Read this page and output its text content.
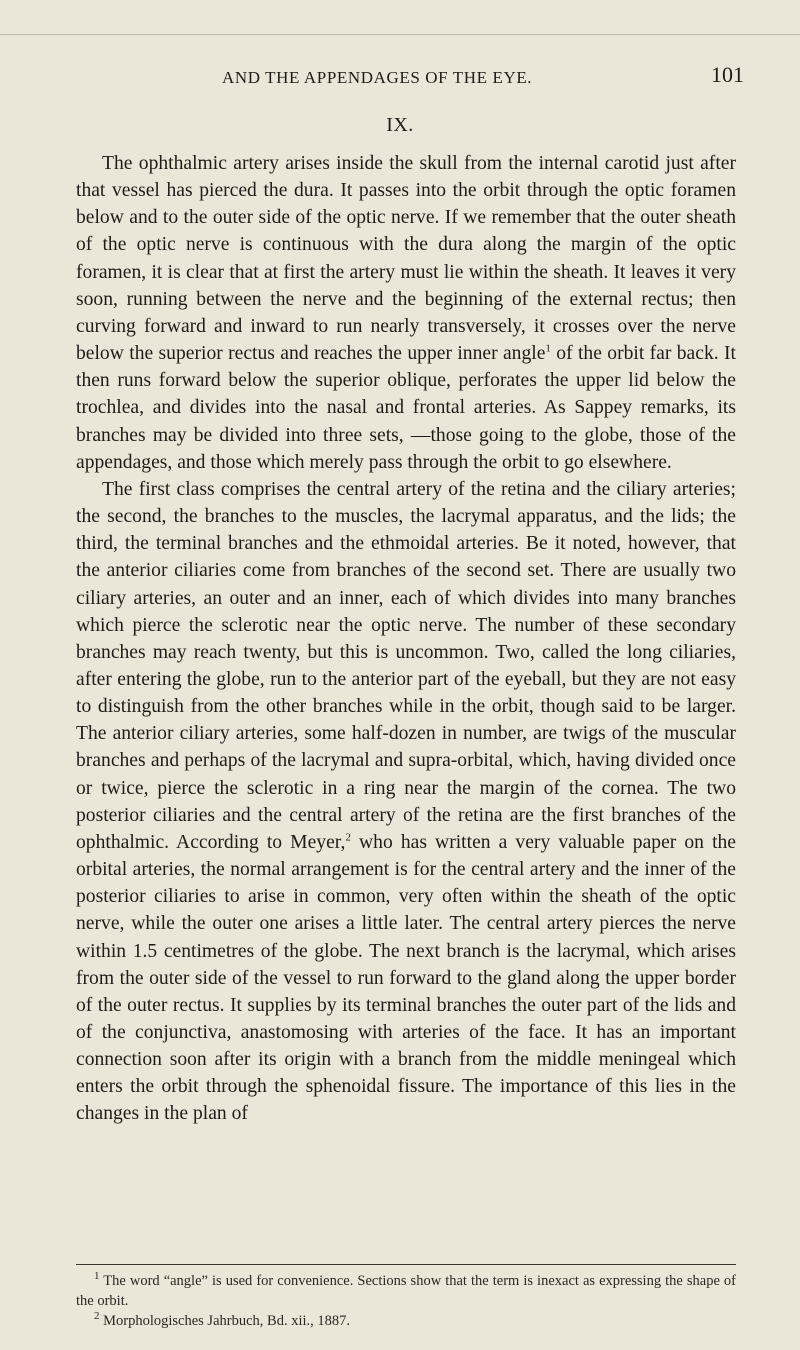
AND THE APPENDAGES OF THE EYE.	101
IX.

The ophthalmic artery arises inside the skull from the internal carotid just after that vessel has pierced the dura. It passes into the orbit through the optic foramen below and to the outer side of the optic nerve. If we remember that the outer sheath of the optic nerve is continuous with the dura along the margin of the optic foramen, it is clear that at first the artery must lie within the sheath. It leaves it very soon, running between the nerve and the beginning of the external rectus; then curving forward and inward to run nearly transversely, it crosses over the nerve below the superior rectus and reaches the upper inner angle$^1$ of the orbit far back. It then runs forward below the superior oblique, perforates the upper lid below the trochlea, and divides into the nasal and frontal arteries. As Sappey remarks, its branches may be divided into three sets, —those going to the globe, those of the appendages, and those which merely pass through the orbit to go elsewhere.

The first class comprises the central artery of the retina and the ciliary arteries; the second, the branches to the muscles, the lacrymal apparatus, and the lids; the third, the terminal branches and the ethmoidal arteries. Be it noted, however, that the anterior ciliaries come from branches of the second set. There are usually two ciliary arteries, an outer and an inner, each of which divides into many branches which pierce the sclerotic near the optic nerve. The number of these secondary branches may reach twenty, but this is uncommon. Two, called the long ciliaries, after entering the globe, run to the anterior part of the eyeball, but they are not easy to distinguish from the other branches while in the orbit, though said to be larger. The anterior ciliary arteries, some half-dozen in number, are twigs of the muscular branches and perhaps of the lacrymal and supra-orbital, which, having divided once or twice, pierce the sclerotic in a ring near the margin of the cornea. The two posterior ciliaries and the central artery of the retina are the first branches of the ophthalmic. According to Meyer,$^2$ who has written a very valuable paper on the orbital arteries, the normal arrangement is for the central artery and the inner of the posterior ciliaries to arise in common, very often within the sheath of the optic nerve, while the outer one arises a little later. The central artery pierces the nerve within 1.5 centimetres of the globe. The next branch is the lacrymal, which arises from the outer side of the vessel to run forward to the gland along the upper border of the outer rectus. It supplies by its terminal branches the outer part of the lids and of the conjunctiva, anastomosing with arteries of the face. It has an important connection soon after its origin with a branch from the middle meningeal which enters the orbit through the sphenoidal fissure. The importance of this lies in the changes in the plan of

$^1$ The word “angle” is used for convenience. Sections show that the term is inexact as expressing the shape of the orbit.

$^2$ Morphologisches Jahrbuch, Bd. xii., 1887.
